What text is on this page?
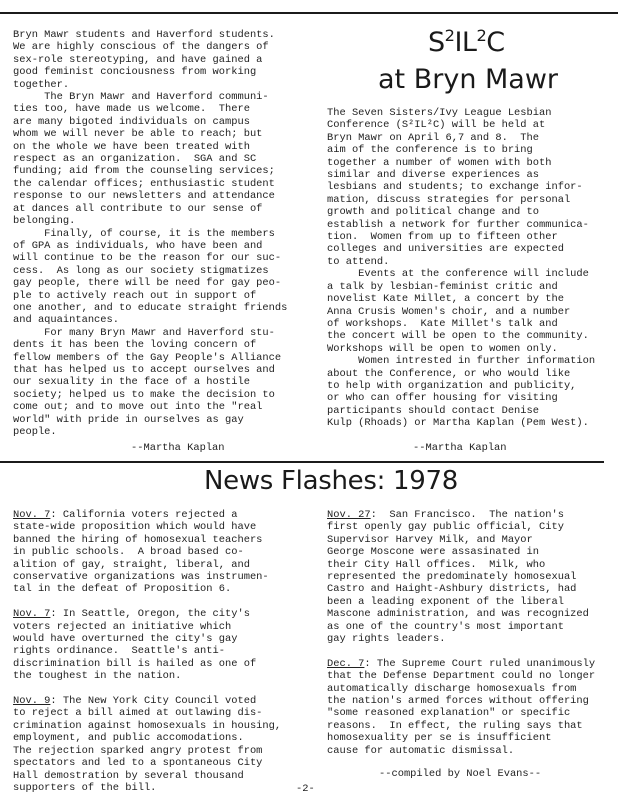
Bryn Mawr students and Haverford students.

We are highly conscious of the dangers of

sex-role stereotyping, and have gained a

good feminist conciousness from working

together.

The Bryn Mawr and Haverford communi-

ties too, have made us welcome.  There

are many bigoted individuals on campus

whom we will never be able to reach; but

on the whole we have been treated with

respect as an organization.  SGA and SC

funding; aid from the counseling services;

the calendar offices; enthusiastic student

response to our newsletters and attendance

at dances all contribute to our sense of

belonging.

Finally, of course, it is the members

of GPA as individuals, who have been and

will continue to be the reason for our suc-

cess.  As long as our society stigmatizes

gay people, there will be need for gay peo-

ple to actively reach out in support of

one another, and to educate straight friends

and aquaintances.

For many Bryn Mawr and Haverford stu-

dents it has been the loving concern of

fellow members of the Gay People's Alliance

that has helped us to accept ourselves and

our sexuality in the face of a hostile

society; helped us to make the decision to

come out; and to move out into the "real

world" with pride in ourselves as gay

people.

--Martha Kaplan
$S^2IL^2C$
at Bryn Mawr

The Seven Sisters/Ivy League Lesbian

Conference (S²IL²C) will be held at

Bryn Mawr on April 6,7 and 8.  The

aim of the conference is to bring

together a number of women with both

similar and diverse experiences as

lesbians and students; to exchange infor-

mation, discuss strategies for personal

growth and political change and to

establish a network for further communica-

tion.  Women from up to fifteen other

colleges and universities are expected

to attend.

Events at the conference will include

a talk by lesbian-feminist critic and

novelist Kate Millet, a concert by the

Anna Crusis Women's choir, and a number

of workshops.  Kate Millet's talk and

the concert will be open to the community.

Workshops will be open to women only.

Women intrested in further information

about the Conference, or who would like

to help with organization and publicity,

or who can offer housing for visiting

participants should contact Denise

Kulp (Rhoads) or Martha Kaplan (Pem West).

--Martha Kaplan
News Flashes: 1978

Nov. 7: California voters rejected a

state-wide proposition which would have

banned the hiring of homosexual teachers

in public schools.  A broad based co-

alition of gay, straight, liberal, and

conservative organizations was instrumen-

tal in the defeat of Proposition 6.

Nov. 7: In Seattle, Oregon, the city's

voters rejected an initiative which

would have overturned the city's gay

rights ordinance.  Seattle's anti-

discrimination bill is hailed as one of

the toughest in the nation.

Nov. 9: The New York City Council voted

to reject a bill aimed at outlawing dis-

crimination against homosexuals in housing,

employment, and public accomodations.

The rejection sparked angry protest from

spectators and led to a spontaneous City

Hall demostration by several thousand

supporters of the bill.

Nov. 27:  San Francisco.  The nation's

first openly gay public official, City

Supervisor Harvey Milk, and Mayor

George Moscone were assasinated in

their City Hall offices.  Milk, who

represented the predominately homosexual

Castro and Haight-Ashbury districts, had

been a leading exponent of the liberal

Mascone administration, and was recognized

as one of the country's most important

gay rights leaders.

Dec. 7: The Supreme Court ruled unanimously

that the Defense Department could no longer

automatically discharge homosexuals from

the nation's armed forces without offering

"some reasoned explanation" or specific

reasons.  In effect, the ruling says that

homosexuality per se is insufficient

cause for automatic dismissal.

--compiled by Noel Evans--
-2-
